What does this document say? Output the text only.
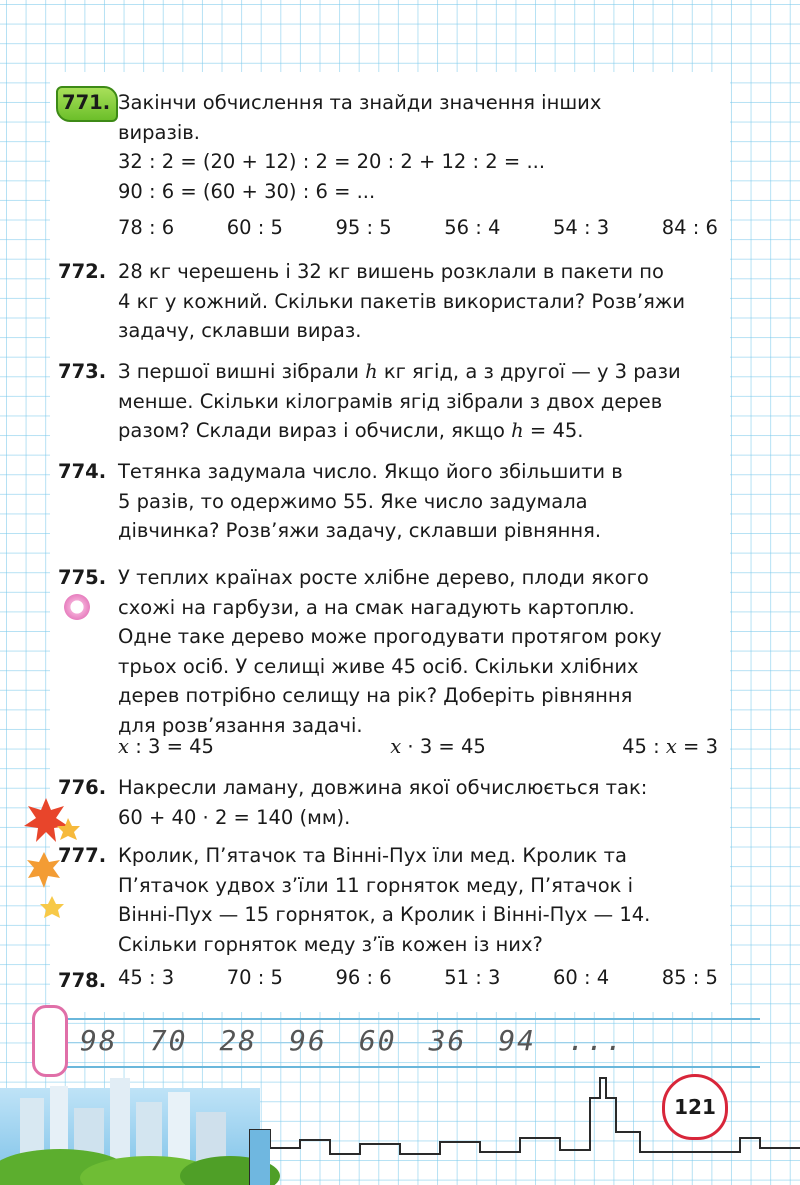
771. Закінчи обчислення та знайди значення інших
виразів.
32 : 2 = (20 + 12) : 2 = 20 : 2 + 12 : 2 = ...
90 : 6 = (60 + 30) : 6 = ...
78 : 6	60 : 5	95 : 5	56 : 4	54 : 3	84 : 6
772. 28 кг черешень і 32 кг вишень розклали в пакети по
4 кг у кожний. Скільки пакетів використали? Розв’яжи
задачу, склавши вираз.
773. З першої вишні зібрали h кг ягід, а з другої — у 3 рази
менше. Скільки кілограмів ягід зібрали з двох дерев
разом? Склади вираз і обчисли, якщо h = 45.
774. Тетянка задумала число. Якщо його збільшити в
5 разів, то одержимо 55. Яке число задумала
дівчинка? Розв’яжи задачу, склавши рівняння.
775. У теплих країнах росте хлібне дерево, плоди якого
схожі на гарбузи, а на смак нагадують картоплю.
Одне таке дерево може прогодувати протягом року
трьох осіб. У селищі живе 45 осіб. Скільки хлібних
дерев потрібно селищу на рік? Доберіть рівняння
для розв’язання задачі.
x : 3 = 45	x · 3 = 45	45 : x = 3
776. Накресли ламану, довжина якої обчислюється так:
60 + 40 · 2 = 140 (мм).
777. Кролик, П’ятачок та Вінні-Пух їли мед. Кролик та
П’ятачок удвох з’їли 11 горняток меду, П’ятачок і
Вінні-Пух — 15 горняток, а Кролик і Вінні-Пух — 14.
Скільки горняток меду з’їв кожен із них?
778. 45 : 3	70 : 5	96 : 6	51 : 3	60 : 4	85 : 5
98 70 28 96 60 36 94 ...
121
